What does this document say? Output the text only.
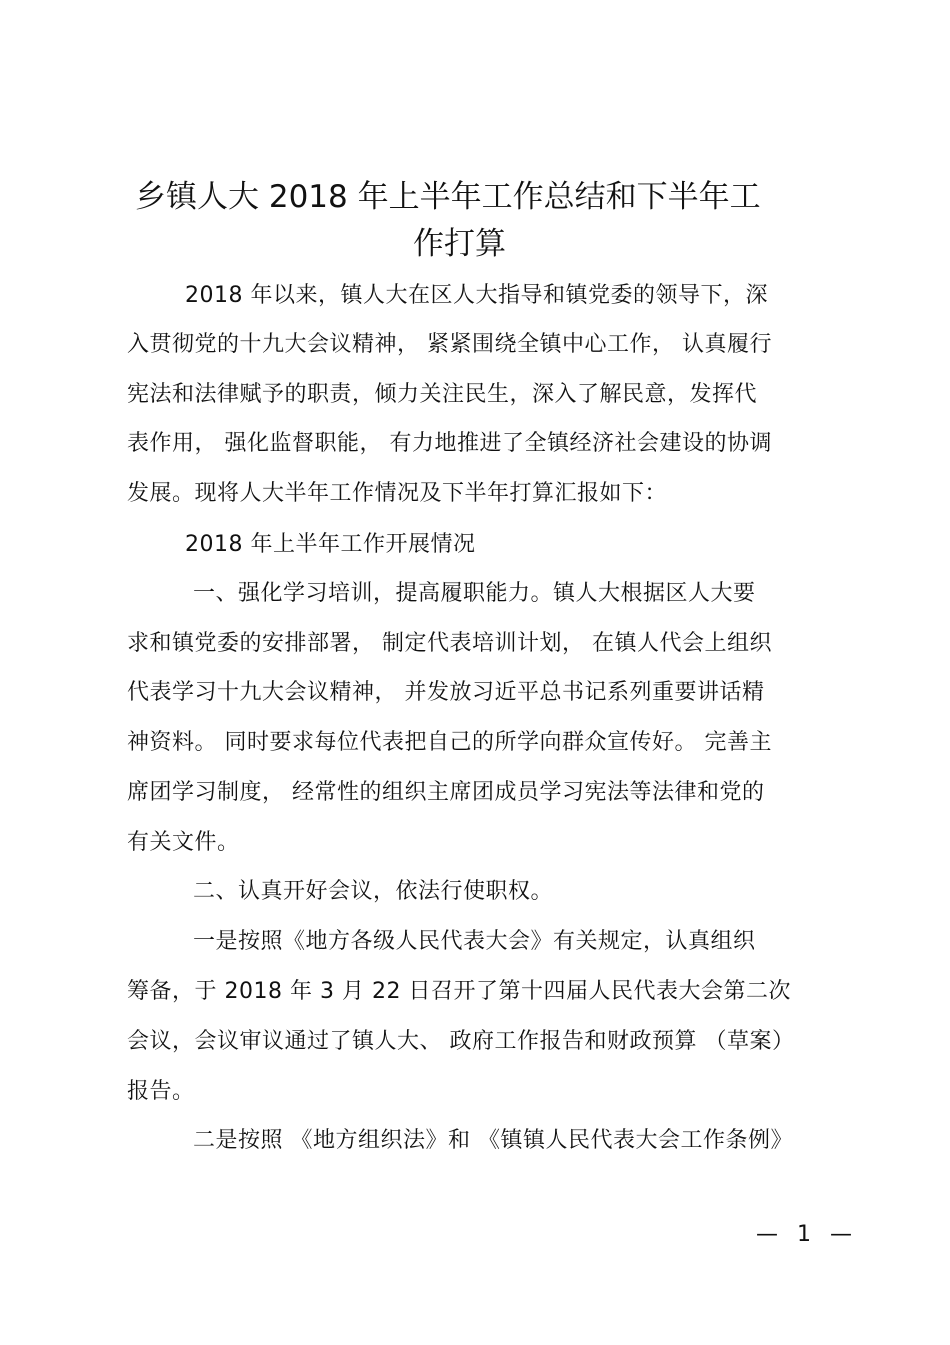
乡镇人大 2018 年上半年工作总结和下半年工
作打算
2018 年以来，镇人大在区人大指导和镇党委的领导下，深
入贯彻党的十九大会议精神， 紧紧围绕全镇中心工作， 认真履行
宪法和法律赋予的职责，倾力关注民生，深入了解民意，发挥代
表作用， 强化监督职能， 有力地推进了全镇经济社会建设的协调
发展。现将人大半年工作情况及下半年打算汇报如下：
2018 年上半年工作开展情况
一、强化学习培训，提高履职能力。镇人大根据区人大要
求和镇党委的安排部署， 制定代表培训计划， 在镇人代会上组织
代表学习十九大会议精神， 并发放习近平总书记系列重要讲话精
神资料。 同时要求每位代表把自己的所学向群众宣传好。 完善主
席团学习制度， 经常性的组织主席团成员学习宪法等法律和党的
有关文件。
二、认真开好会议，依法行使职权。
一是按照《地方各级人民代表大会》有关规定，认真组织
筹备，于 2018 年 3 月 22 日召开了第十四届人民代表大会第二次
会议，会议审议通过了镇人大、 政府工作报告和财政预算 （草案）
报告。
二是按照 《地方组织法》和 《镇镇人民代表大会工作条例》
— 1 —
